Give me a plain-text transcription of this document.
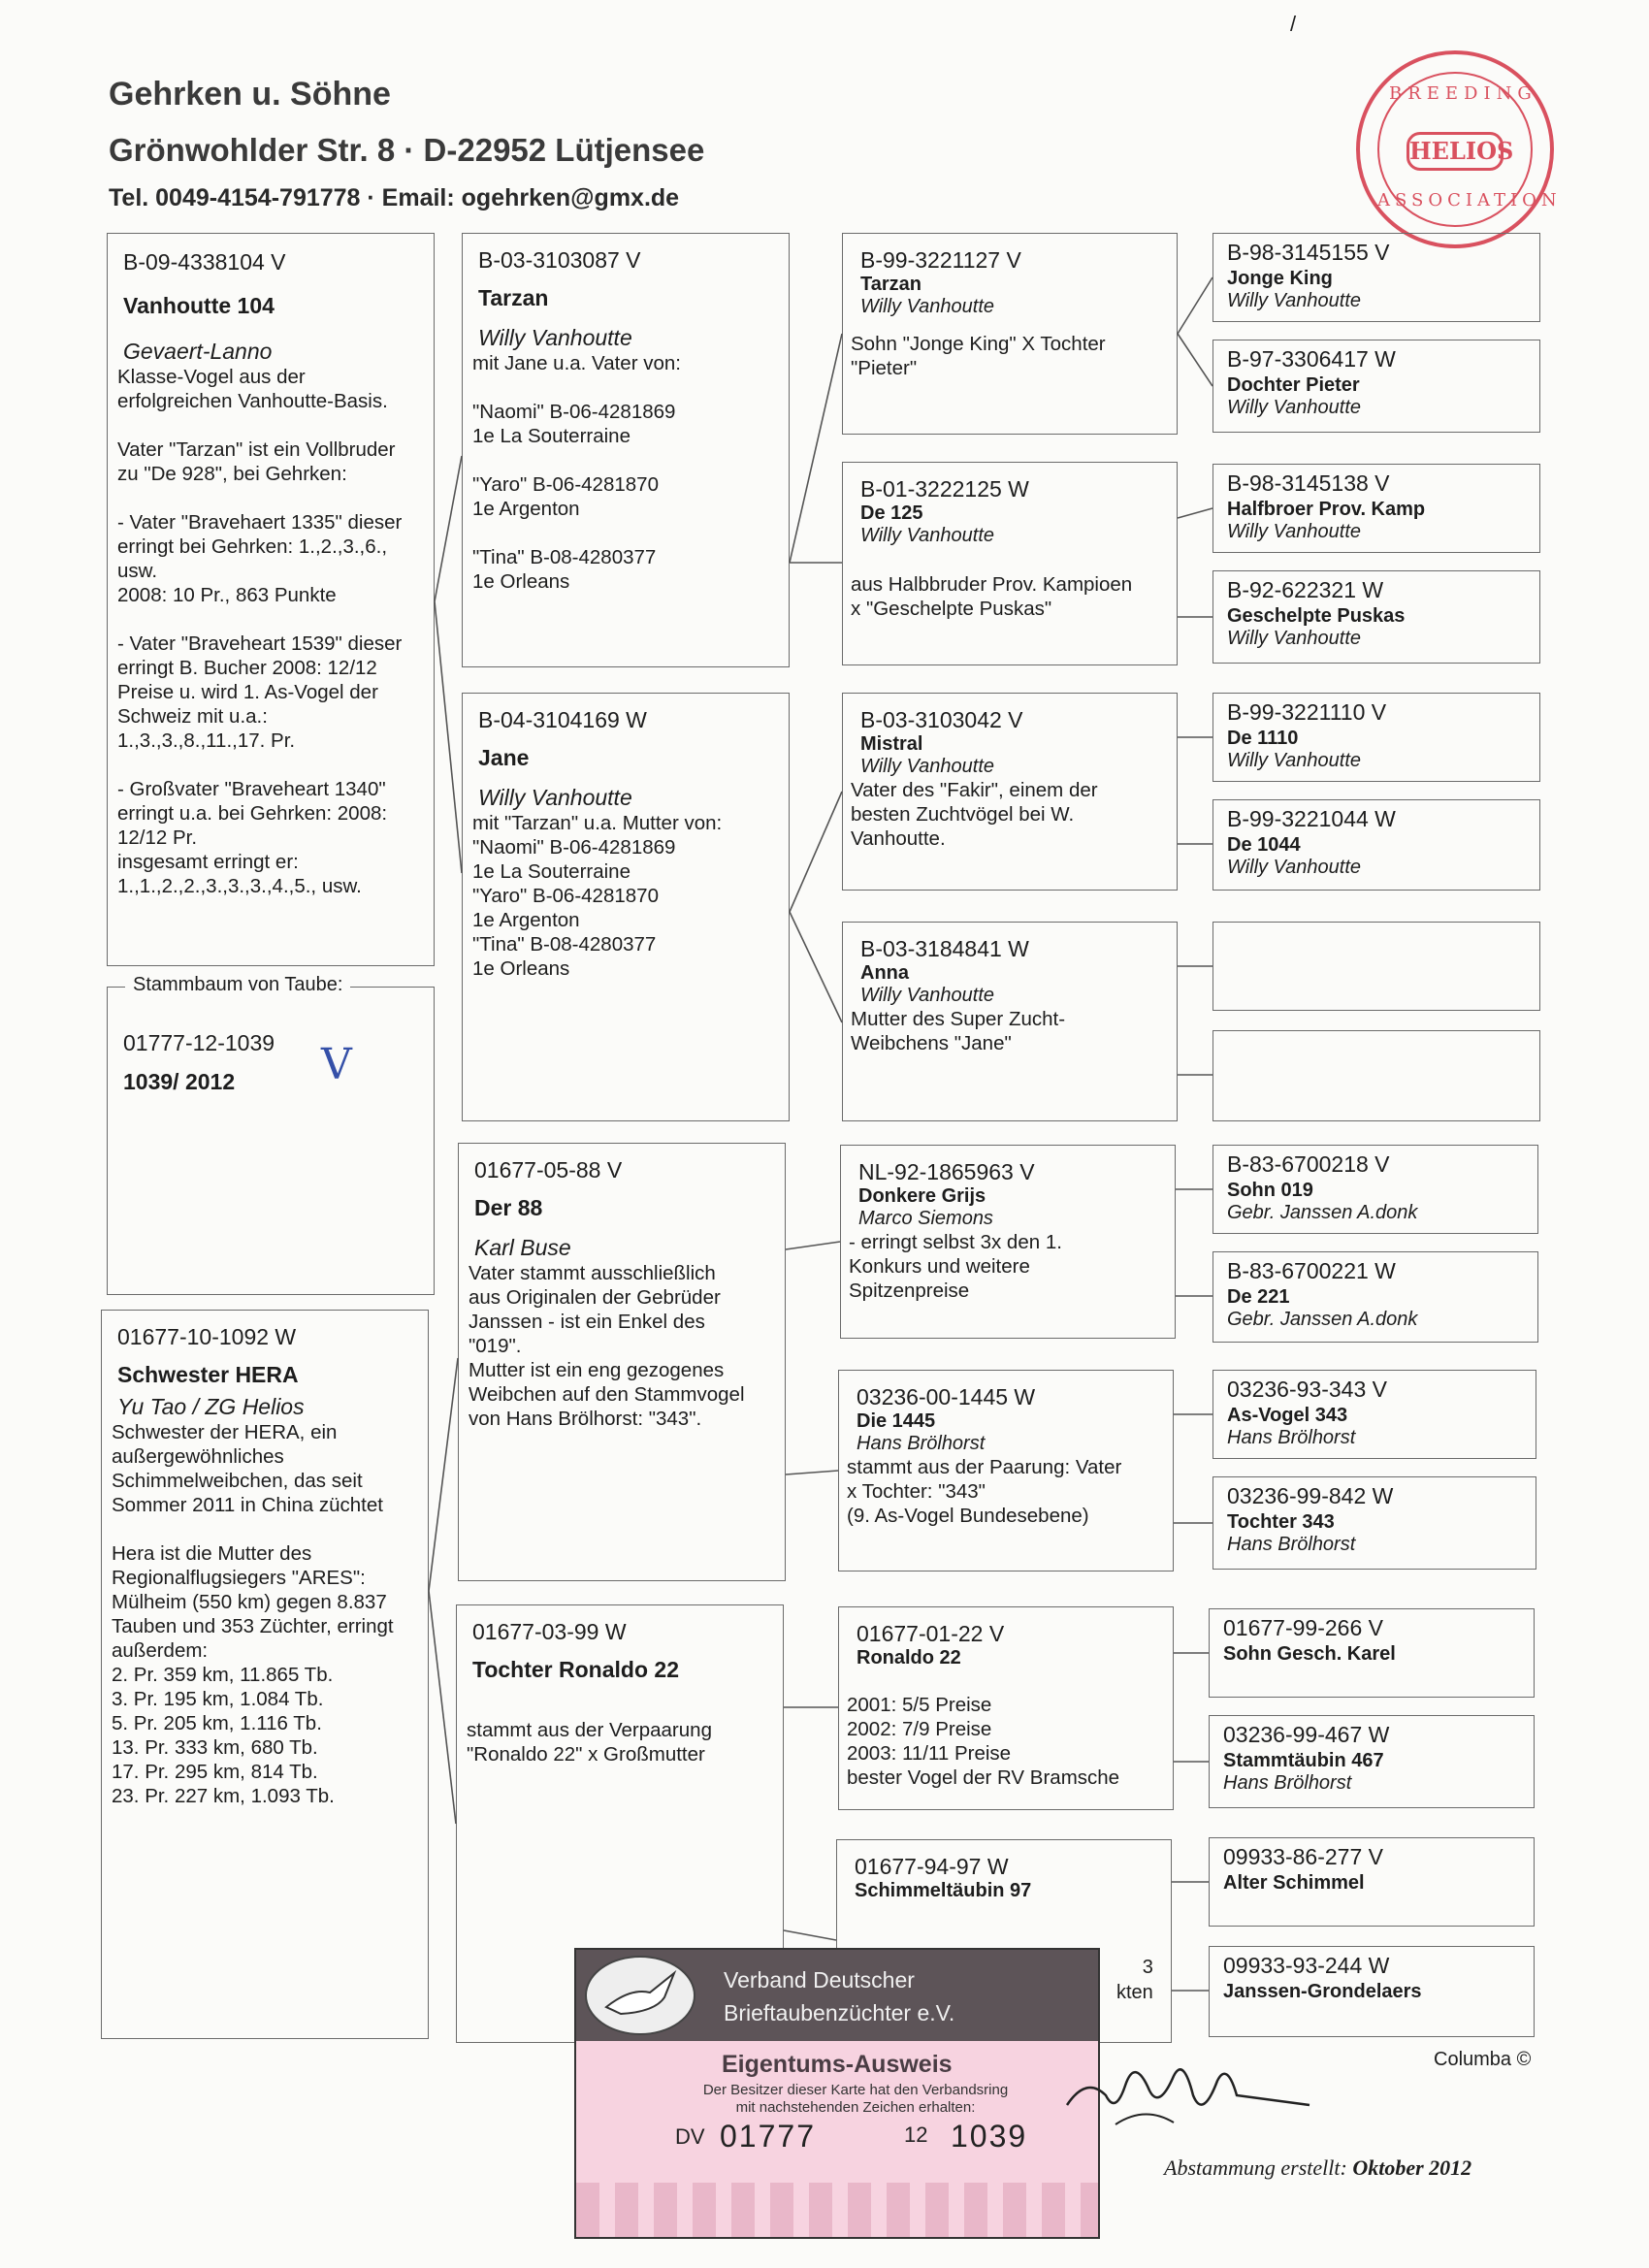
Gehrken u. Söhne
Grönwohlder Str. 8 · D-22952 Lütjensee
Tel. 0049-4154-791778 · Email: ogehrken@gmx.de
BREEDING
HELIOS
ASSOCIATION
/
B-09-4338104 V
Vanhoutte 104
Gevaert-Lanno
Klasse-Vogel aus der
erfolgreichen Vanhoutte-Basis.

Vater "Tarzan" ist ein Vollbruder
zu "De 928", bei Gehrken:

- Vater "Bravehaert 1335" dieser
erringt bei Gehrken: 1.,2.,3.,6.,
usw.
2008: 10 Pr., 863 Punkte

- Vater "Braveheart 1539" dieser
erringt B. Bucher 2008: 12/12
Preise u. wird 1. As-Vogel der
Schweiz mit u.a.:
1.,3.,3.,8.,11.,17. Pr.

- Großvater "Braveheart 1340"
erringt u.a. bei Gehrken: 2008:
12/12 Pr.
insgesamt erringt er:
1.,1.,2.,2.,3.,3.,3.,4.,5., usw.
Stammbaum von Taube:
01777-12-1039
1039/ 2012 V
01677-10-1092 W
Schwester HERA
Yu Tao / ZG Helios
Schwester der HERA, ein
außergewöhnliches
Schimmelweibchen, das seit
Sommer 2011 in China züchtet

Hera ist die Mutter des
Regionalflugsiegers "ARES":
Mülheim (550 km) gegen 8.837
Tauben und 353 Züchter, erringt
außerdem:
2. Pr. 359 km, 11.865 Tb.
3. Pr. 195 km, 1.084 Tb.
5. Pr. 205 km, 1.116 Tb.
13. Pr. 333 km, 680 Tb.
17. Pr. 295 km, 814 Tb.
23. Pr. 227 km, 1.093 Tb.
B-03-3103087 V
Tarzan
Willy Vanhoutte
mit Jane u.a. Vater von:

"Naomi" B-06-4281869
1e La Souterraine

"Yaro" B-06-4281870
1e Argenton

"Tina" B-08-4280377
1e Orleans
B-04-3104169 W
Jane
Willy Vanhoutte
mit "Tarzan" u.a. Mutter von:
"Naomi" B-06-4281869
1e La Souterraine
"Yaro" B-06-4281870
1e Argenton
"Tina" B-08-4280377
1e Orleans
01677-05-88 V
Der 88
Karl Buse
Vater stammt ausschließlich
aus Originalen der Gebrüder
Janssen - ist ein Enkel des
"019".
Mutter ist ein eng gezogenes
Weibchen auf den Stammvogel
von Hans Brölhorst: "343".
01677-03-99 W
Tochter Ronaldo 22
stammt aus der Verpaarung
"Ronaldo 22" x Großmutter
B-99-3221127 V
Tarzan
Willy Vanhoutte
Sohn "Jonge King" X Tochter
"Pieter"
B-01-3222125 W
De 125
Willy Vanhoutte
aus Halbbruder Prov. Kampioen
x "Geschelpte Puskas"
B-03-3103042 V
Mistral
Willy Vanhoutte
Vater des "Fakir", einem der
besten Zuchtvögel bei W.
Vanhoutte.
B-03-3184841 W
Anna
Willy Vanhoutte
Mutter des Super Zucht-
Weibchens "Jane"
NL-92-1865963 V
Donkere Grijs
Marco Siemons
- erringt selbst 3x den 1.
Konkurs und weitere
Spitzenpreise
03236-00-1445 W
Die 1445
Hans Brölhorst
stammt aus der Paarung: Vater
x Tochter: "343"
(9. As-Vogel Bundesebene)
01677-01-22 V
Ronaldo 22
2001: 5/5 Preise
2002: 7/9 Preise
2003: 11/11 Preise
bester Vogel der RV Bramsche
01677-94-97 W
Schimmeltäubin 97
3
kten
B-98-3145155 V
Jonge King
Willy Vanhoutte
B-97-3306417 W
Dochter Pieter
Willy Vanhoutte
B-98-3145138 V
Halfbroer Prov. Kamp
Willy Vanhoutte
B-92-622321 W
Geschelpte Puskas
Willy Vanhoutte
B-99-3221110 V
De 1110
Willy Vanhoutte
B-99-3221044 W
De 1044
Willy Vanhoutte
B-83-6700218 V
Sohn 019
Gebr. Janssen A.donk
B-83-6700221 W
De 221
Gebr. Janssen A.donk
03236-93-343 V
As-Vogel 343
Hans Brölhorst
03236-99-842 W
Tochter 343
Hans Brölhorst
01677-99-266 V
Sohn Gesch. Karel
03236-99-467 W
Stammtäubin 467
Hans Brölhorst
09933-86-277 V
Alter Schimmel
09933-93-244 W
Janssen-Grondelaers
Verband Deutscher
Brieftaubenzüchter e.V.
Eigentums-Ausweis
Der Besitzer dieser Karte hat den Verbandsring
mit nachstehenden Zeichen erhalten:
DV 01777	12 1039
Columba ©
Abstammung erstellt: Oktober 2012
